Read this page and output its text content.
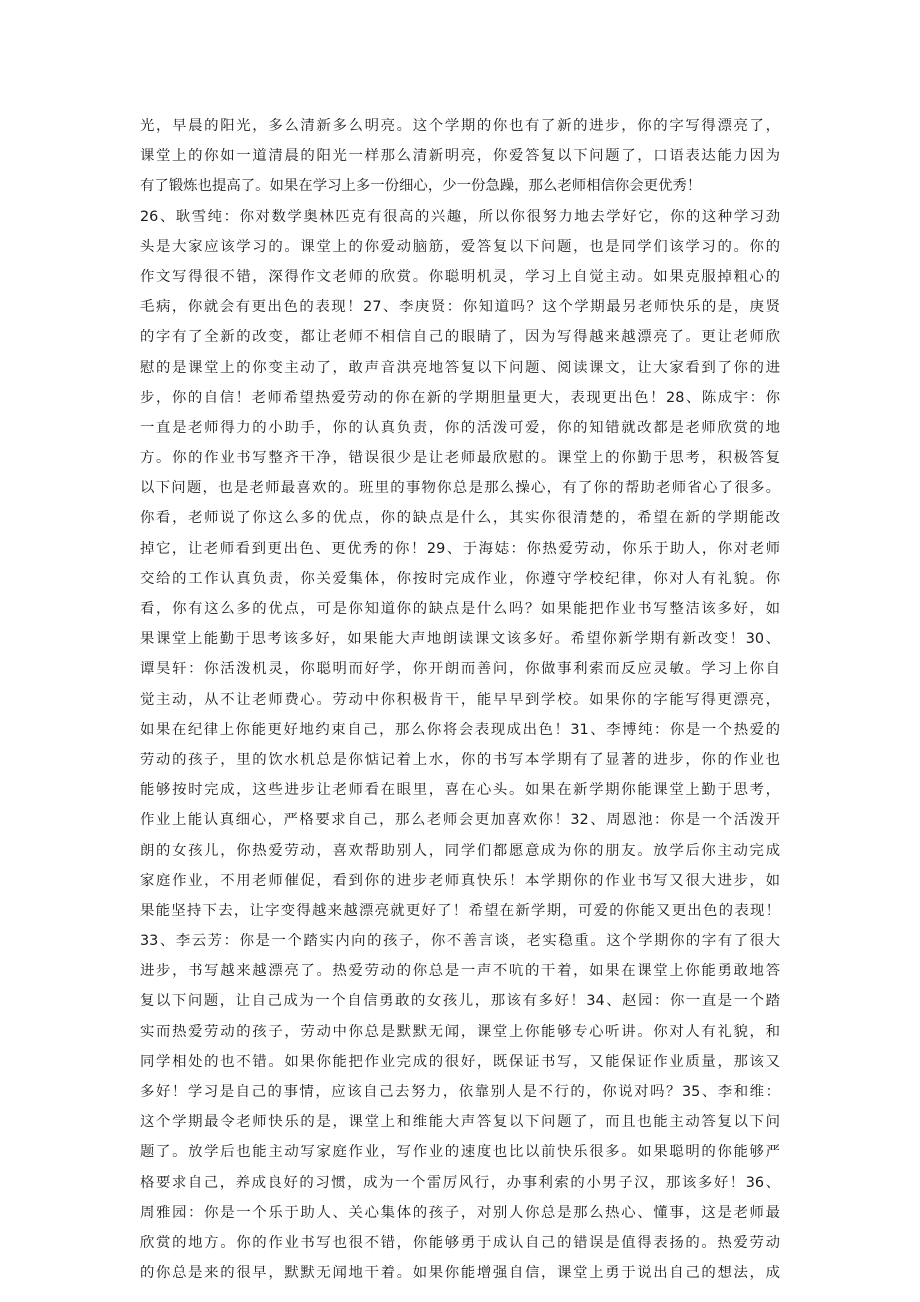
光，早晨的阳光，多么清新多么明亮。这个学期的你也有了新的进步，你的字写得漂亮了，
课堂上的你如一道清晨的阳光一样那么清新明亮，你爱答复以下问题了，口语表达能力因为
有了锻炼也提高了。如果在学习上多一份细心，少一份急躁，那么老师相信你会更优秀！
26、耿雪纯：你对数学奥林匹克有很高的兴趣，所以你很努力地去学好它，你的这种学习劲
头是大家应该学习的。课堂上的你爱动脑筋，爱答复以下问题，也是同学们该学习的。你的
作文写得很不错，深得作文老师的欣赏。你聪明机灵，学习上自觉主动。如果克服掉粗心的
毛病，你就会有更出色的表现！27、李庚贤：你知道吗？这个学期最另老师快乐的是，庚贤
的字有了全新的改变，都让老师不相信自己的眼睛了，因为写得越来越漂亮了。更让老师欣
慰的是课堂上的你变主动了，敢声音洪亮地答复以下问题、阅读课文，让大家看到了你的进
步，你的自信！老师希望热爱劳动的你在新的学期胆量更大，表现更出色！28、陈成宇：你
一直是老师得力的小助手，你的认真负责，你的活泼可爱，你的知错就改都是老师欣赏的地
方。你的作业书写整齐干净，错误很少是让老师最欣慰的。课堂上的你勤于思考，积极答复
以下问题，也是老师最喜欢的。班里的事物你总是那么操心，有了你的帮助老师省心了很多。
你看，老师说了你这么多的优点，你的缺点是什么，其实你很清楚的，希望在新的学期能改
掉它，让老师看到更出色、更优秀的你！29、于海娡：你热爱劳动，你乐于助人，你对老师
交给的工作认真负责，你关爱集体，你按时完成作业，你遵守学校纪律，你对人有礼貌。你
看，你有这么多的优点，可是你知道你的缺点是什么吗？如果能把作业书写整洁该多好，如
果课堂上能勤于思考该多好，如果能大声地朗读课文该多好。希望你新学期有新改变！30、
谭昊轩：你活泼机灵，你聪明而好学，你开朗而善问，你做事利索而反应灵敏。学习上你自
觉主动，从不让老师费心。劳动中你积极肯干，能早早到学校。如果你的字能写得更漂亮，
如果在纪律上你能更好地约束自己，那么你将会表现成出色！31、李博纯：你是一个热爱的
劳动的孩子，里的饮水机总是你惦记着上水，你的书写本学期有了显著的进步，你的作业也
能够按时完成，这些进步让老师看在眼里，喜在心头。如果在新学期你能课堂上勤于思考，
作业上能认真细心，严格要求自己，那么老师会更加喜欢你！32、周恩池：你是一个活泼开
朗的女孩儿，你热爱劳动，喜欢帮助别人，同学们都愿意成为你的朋友。放学后你主动完成
家庭作业，不用老师催促，看到你的进步老师真快乐！本学期你的作业书写又很大进步，如
果能坚持下去，让字变得越来越漂亮就更好了！希望在新学期，可爱的你能又更出色的表现！
33、李云芳：你是一个踏实内向的孩子，你不善言谈，老实稳重。这个学期你的字有了很大
进步，书写越来越漂亮了。热爱劳动的你总是一声不吭的干着，如果在课堂上你能勇敢地答
复以下问题，让自己成为一个自信勇敢的女孩儿，那该有多好！34、赵园：你一直是一个踏
实而热爱劳动的孩子，劳动中你总是默默无闻，课堂上你能够专心听讲。你对人有礼貌，和
同学相处的也不错。如果你能把作业完成的很好，既保证书写，又能保证作业质量，那该又
多好！学习是自己的事情，应该自己去努力，依靠别人是不行的，你说对吗？35、李和维：
这个学期最令老师快乐的是，课堂上和维能大声答复以下问题了，而且也能主动答复以下问
题了。放学后也能主动写家庭作业，写作业的速度也比以前快乐很多。如果聪明的你能够严
格要求自己，养成良好的习惯，成为一个雷厉风行，办事利索的小男子汉，那该多好！36、
周雅园：你是一个乐于助人、关心集体的孩子，对别人你总是那么热心、懂事，这是老师最
欣赏的地方。你的作业书写也很不错，你能够勇于成认自己的错误是值得表扬的。热爱劳动
的你总是来的很早，默默无闻地干着。如果你能增强自信，课堂上勇于说出自己的想法，成
